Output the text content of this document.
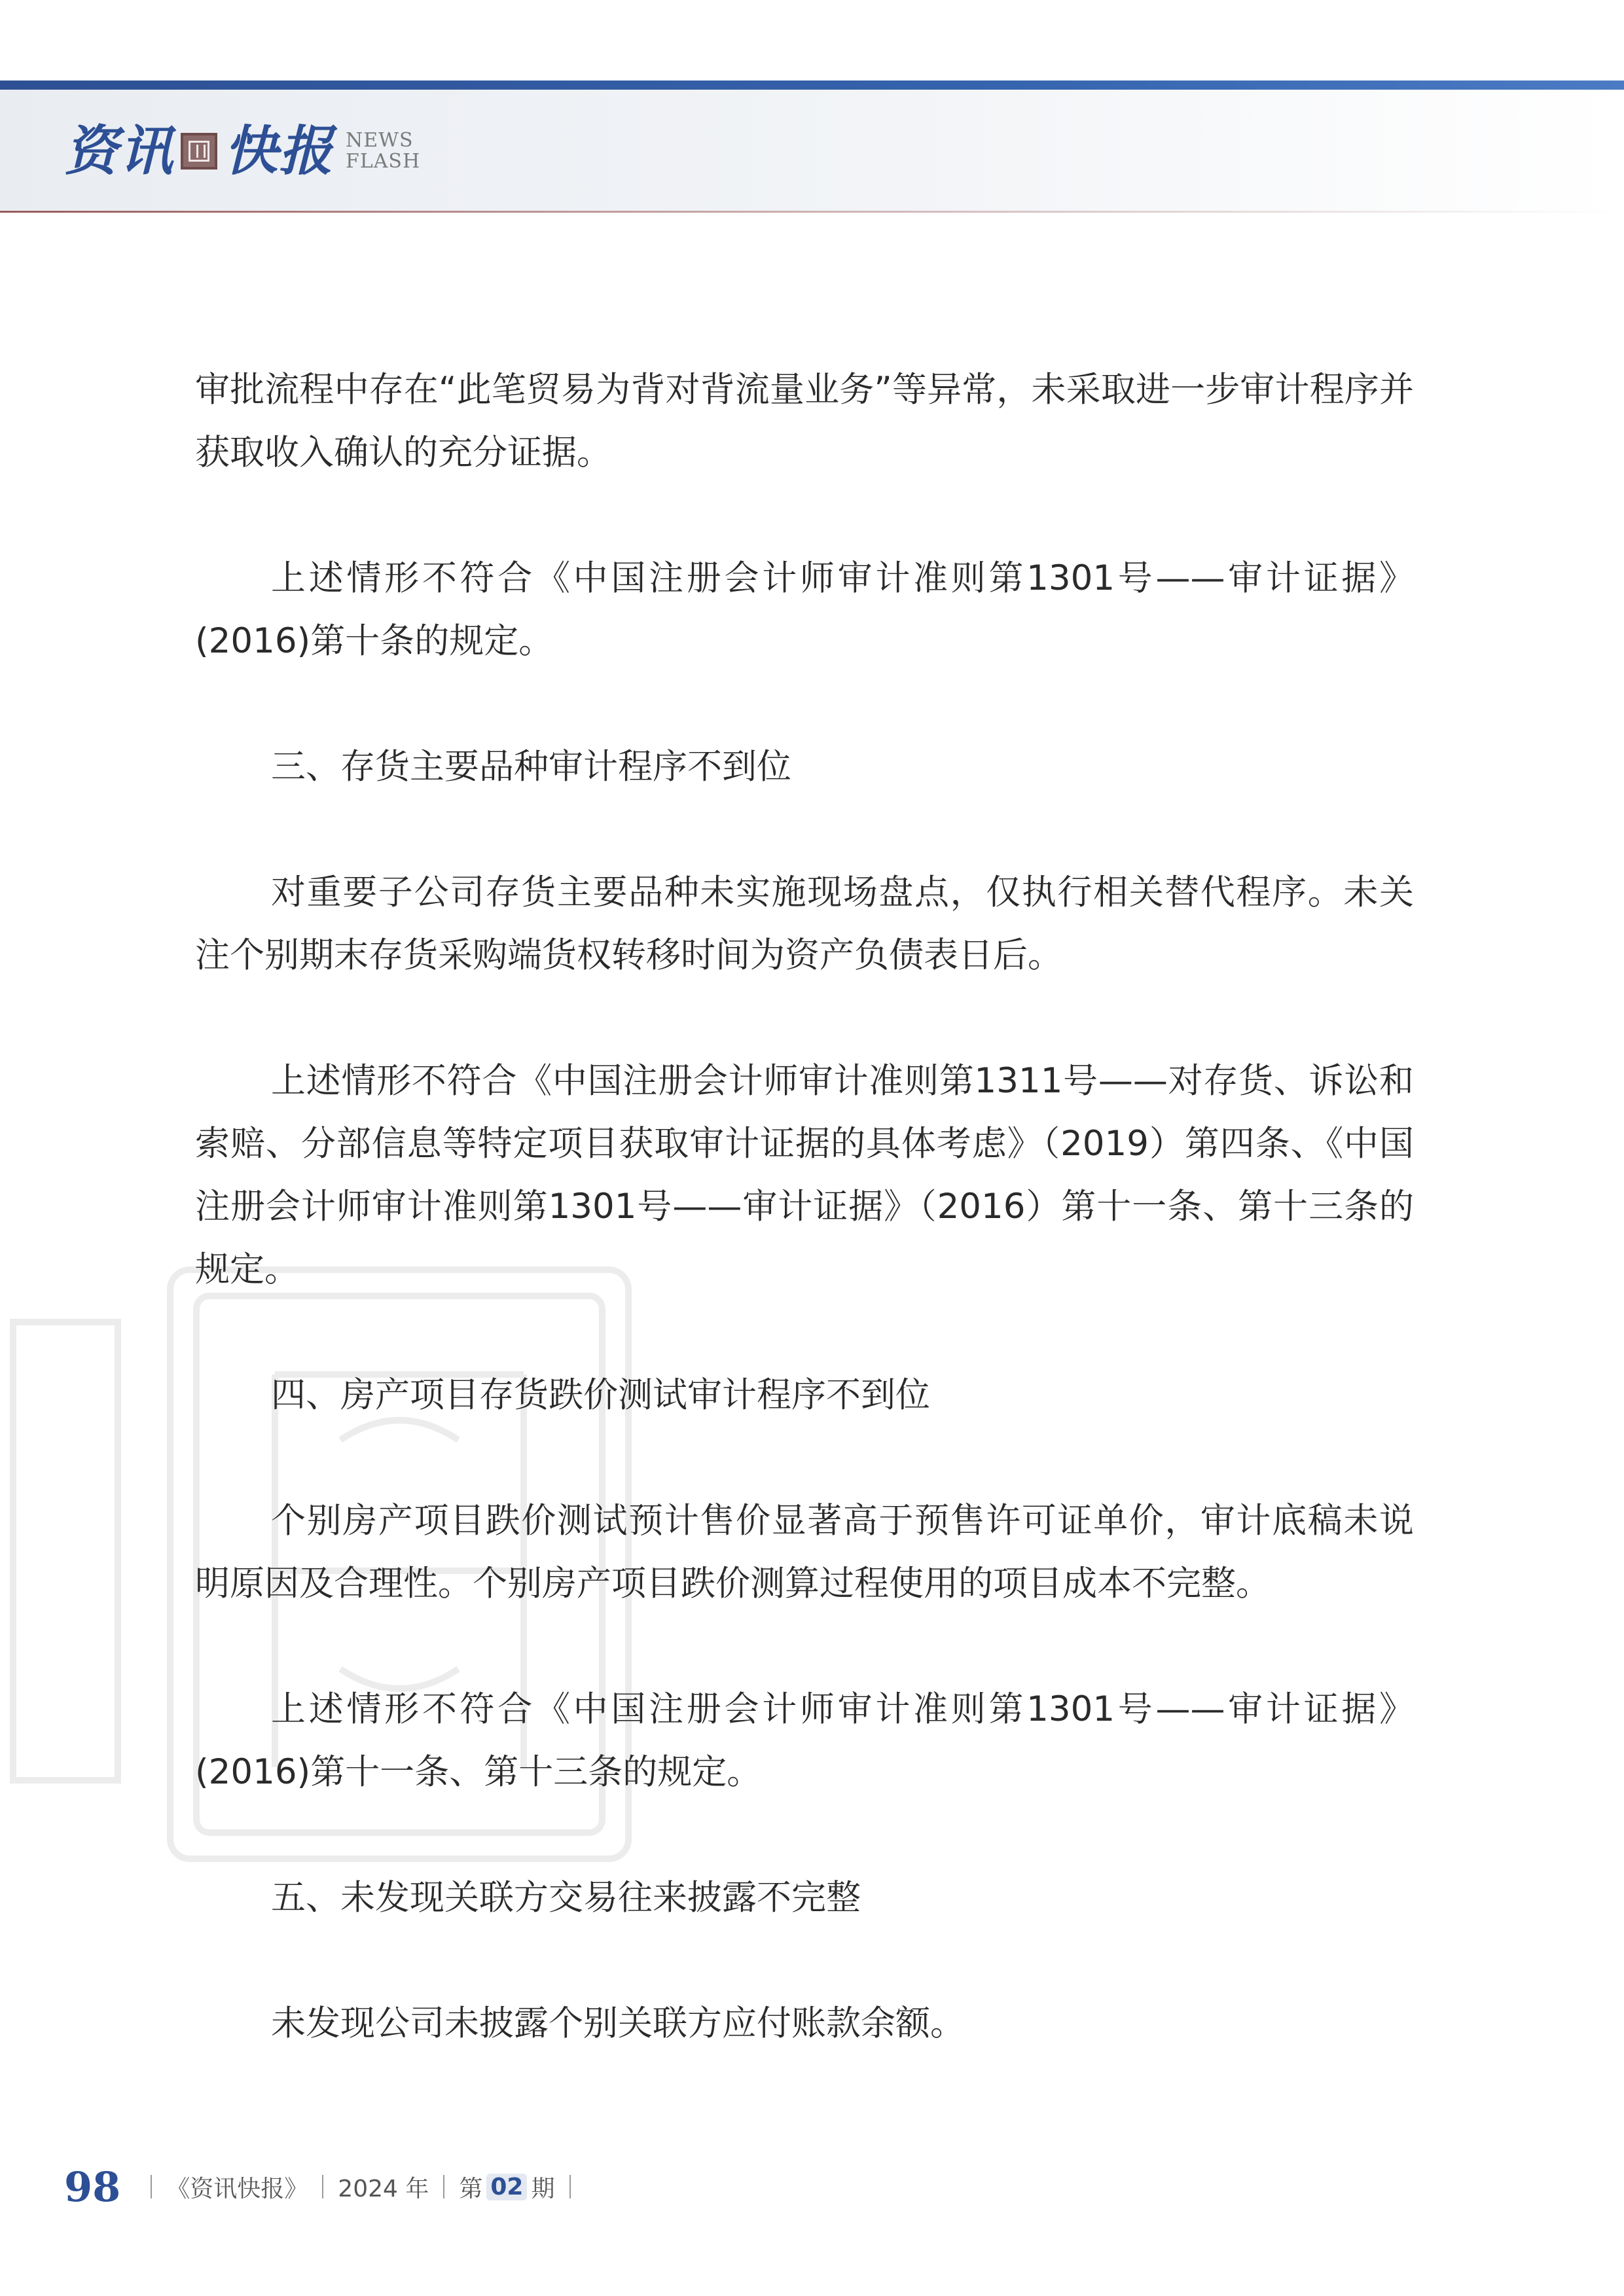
资讯 快报 NEWS
FLASH

审批流程中存在“此笔贸易为背对背流量业务”等异常，未采取进一步审计程序并获取收入确认的充分证据。

上述情形不符合《中国注册会计师审计准则第1301号——审计证据》(2016)第十条的规定。

三、存货主要品种审计程序不到位

对重要子公司存货主要品种未实施现场盘点，仅执行相关替代程序。未关注个别期末存货采购端货权转移时间为资产负债表日后。

上述情形不符合《中国注册会计师审计准则第1311号——对存货、诉讼和索赔、分部信息等特定项目获取审计证据的具体考虑》（2019）第四条、《中国注册会计师审计准则第1301号——审计证据》（2016）第十一条、第十三条的规定。

四、房产项目存货跌价测试审计程序不到位

个别房产项目跌价测试预计售价显著高于预售许可证单价，审计底稿未说明原因及合理性。个别房产项目跌价测算过程使用的项目成本不完整。

上述情形不符合《中国注册会计师审计准则第1301号——审计证据》(2016)第十一条、第十三条的规定。

五、未发现关联方交易往来披露不完整

未发现公司未披露个别关联方应付账款余额。

98 《资讯快报》 2024 年 第 02 期
